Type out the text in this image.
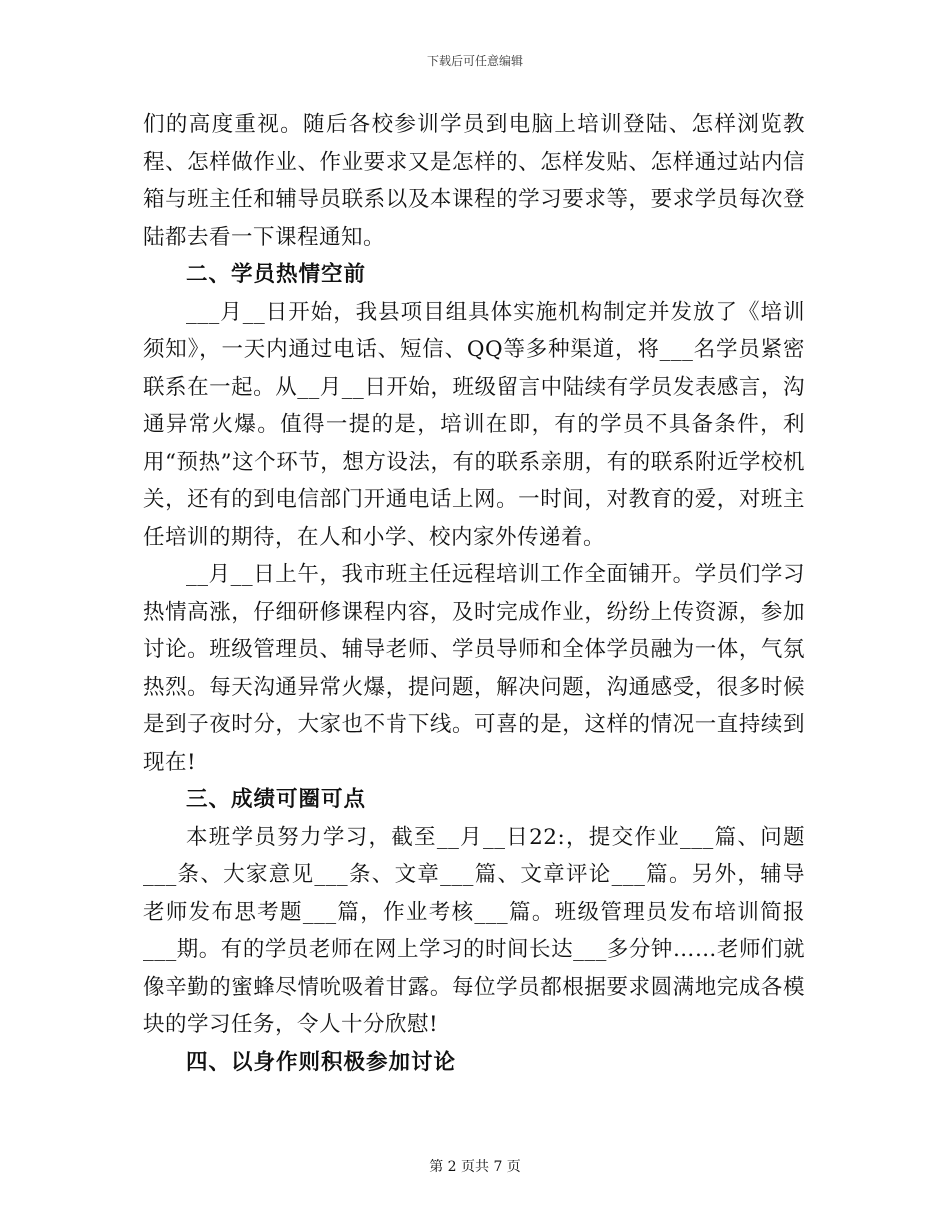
下载后可任意编辑

们的高度重视。随后各校参训学员到电脑上培训登陆、怎样浏览教程、怎样做作业、作业要求又是怎样的、怎样发贴、怎样通过站内信箱与班主任和辅导员联系以及本课程的学习要求等，要求学员每次登陆都去看一下课程通知。

二、学员热情空前

___月__日开始，我县项目组具体实施机构制定并发放了《培训须知》，一天内通过电话、短信、QQ等多种渠道，将___名学员紧密联系在一起。从__月__日开始，班级留言中陆续有学员发表感言，沟通异常火爆。值得一提的是，培训在即，有的学员不具备条件，利用“预热”这个环节，想方设法，有的联系亲朋，有的联系附近学校机关，还有的到电信部门开通电话上网。一时间，对教育的爱，对班主任培训的期待，在人和小学、校内家外传递着。

__月__日上午，我市班主任远程培训工作全面铺开。学员们学习热情高涨，仔细研修课程内容，及时完成作业，纷纷上传资源，参加讨论。班级管理员、辅导老师、学员导师和全体学员融为一体，气氛热烈。每天沟通异常火爆，提问题，解决问题，沟通感受，很多时候是到子夜时分，大家也不肯下线。可喜的是，这样的情况一直持续到现在!

三、成绩可圈可点

本班学员努力学习，截至__月__日22:，提交作业___篇、问题___条、大家意见___条、文章___篇、文章评论___篇。另外，辅导老师发布思考题___篇，作业考核___篇。班级管理员发布培训简报___期。有的学员老师在网上学习的时间长达___多分钟……老师们就像辛勤的蜜蜂尽情吮吸着甘露。每位学员都根据要求圆满地完成各模块的学习任务，令人十分欣慰!

四、以身作则积极参加讨论

第 2 页共 7 页
